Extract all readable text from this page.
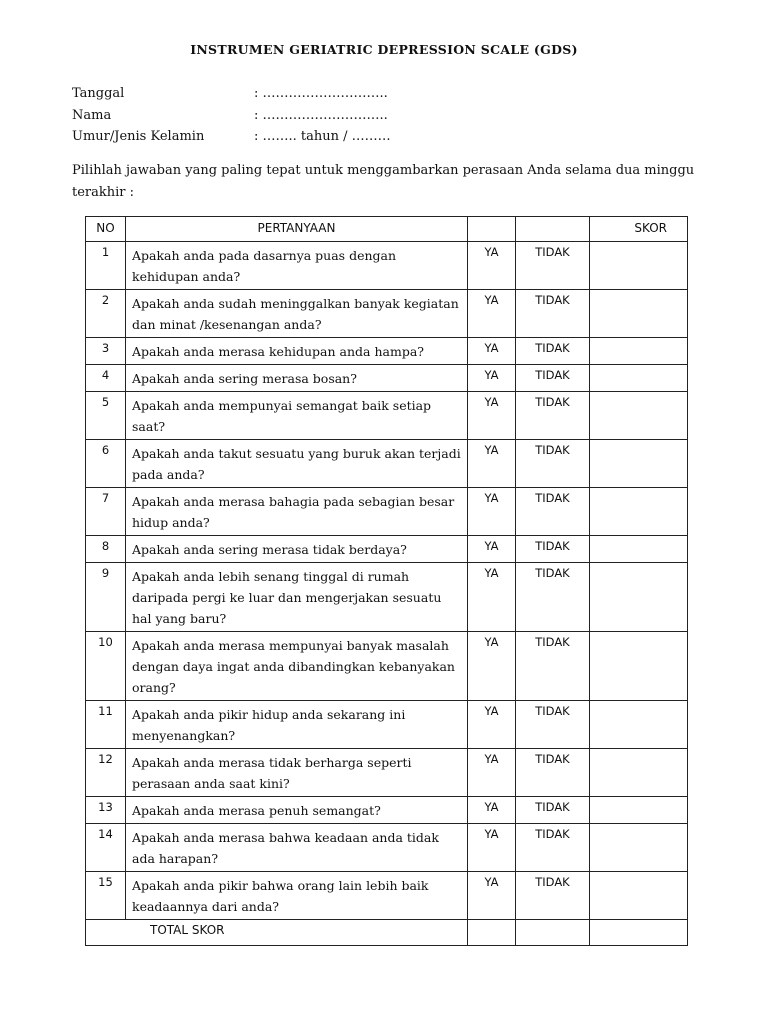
INSTRUMEN GERIATRIC DEPRESSION SCALE (GDS)
Tanggal	: ………………………..
Nama	: ………………………..
Umur/Jenis Kelamin	: …….. tahun / ………
Pilihlah jawaban yang paling tepat untuk menggambarkan perasaan Anda selama dua minggu terakhir :
NO	PERTANYAAN			SKOR
1	Apakah anda pada dasarnya puas dengan kehidupan anda?	YA	TIDAK	
2	Apakah anda sudah meninggalkan banyak kegiatan dan minat /kesenangan anda?	YA	TIDAK	
3	Apakah anda merasa kehidupan anda hampa?	YA	TIDAK	
4	Apakah anda sering merasa bosan?	YA	TIDAK	
5	Apakah anda mempunyai semangat baik setiap saat?	YA	TIDAK	
6	Apakah anda takut sesuatu yang buruk akan terjadi pada anda?	YA	TIDAK	
7	Apakah anda merasa bahagia pada sebagian besar hidup anda?	YA	TIDAK	
8	Apakah anda sering merasa tidak berdaya?	YA	TIDAK	
9	Apakah anda lebih senang tinggal di rumah daripada pergi ke luar dan mengerjakan sesuatu hal yang baru?	YA	TIDAK	
10	Apakah anda merasa mempunyai banyak masalah dengan daya ingat anda dibandingkan kebanyakan orang?	YA	TIDAK	
11	Apakah anda pikir hidup anda sekarang ini menyenangkan?	YA	TIDAK	
12	Apakah anda merasa tidak berharga seperti perasaan anda saat kini?	YA	TIDAK	
13	Apakah anda merasa penuh semangat?	YA	TIDAK	
14	Apakah anda merasa bahwa keadaan anda tidak ada harapan?	YA	TIDAK	
15	Apakah anda pikir bahwa orang lain lebih baik keadaannya dari anda?	YA	TIDAK	
TOTAL SKOR				
